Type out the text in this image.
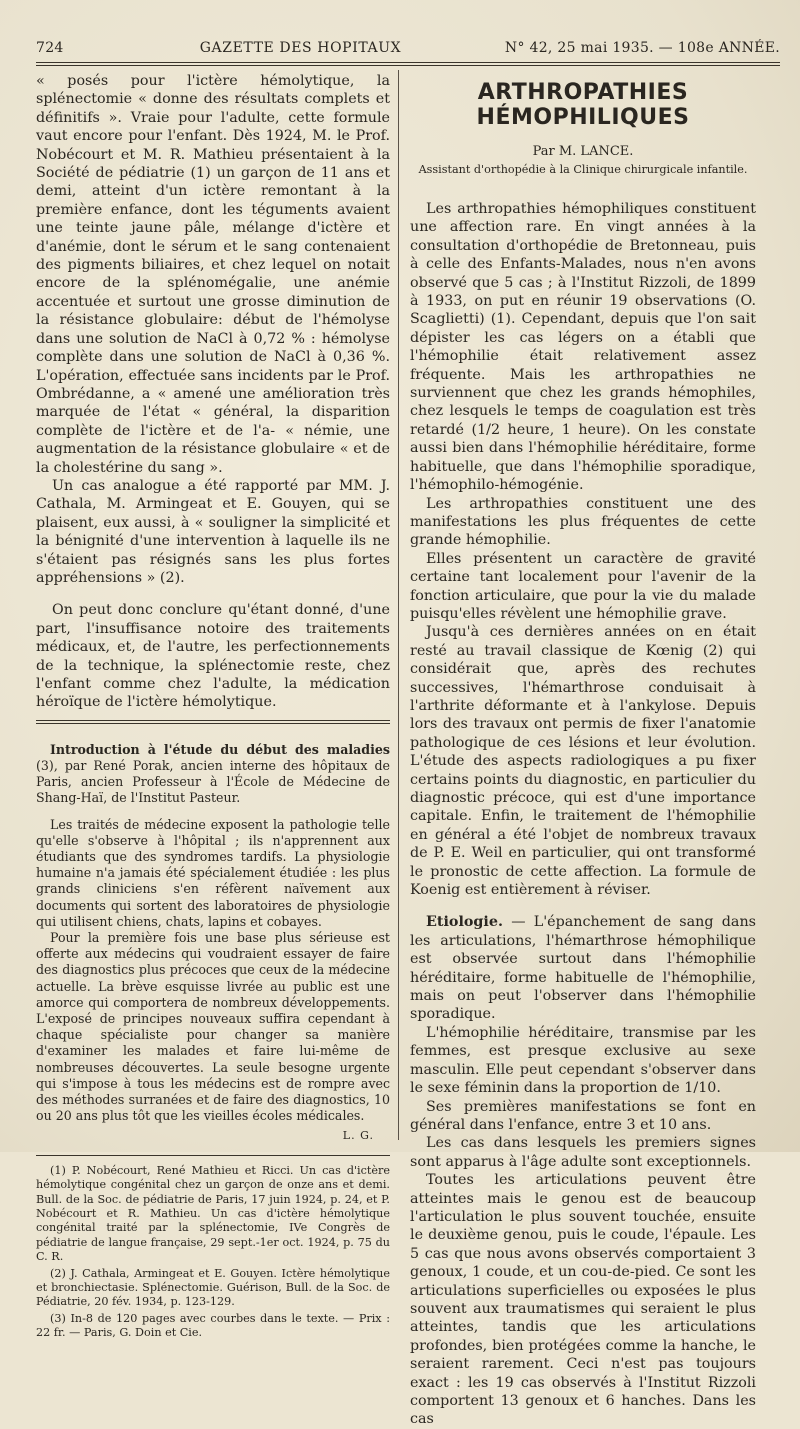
724	GAZETTE DES HOPITAUX	N° 42, 25 mai 1935. — 108e ANNÉE.

« posés pour l'ictère hémolytique, la splénectomie « donne des résultats complets et définitifs ». Vraie pour l'adulte, cette formule vaut encore pour l'enfant. Dès 1924, M. le Prof. Nobécourt et M. R. Mathieu présentaient à la Société de pédiatrie (1) un garçon de 11 ans et demi, atteint d'un ictère remontant à la première enfance, dont les téguments avaient une teinte jaune pâle, mélange d'ictère et d'anémie, dont le sérum et le sang contenaient des pigments biliaires, et chez lequel on notait encore de la splénomégalie, une anémie accentuée et surtout une grosse diminution de la résistance globulaire: début de l'hémolyse dans une solution de NaCl à 0,72 % : hémolyse complète dans une solution de NaCl à 0,36 %. L'opération, effectuée sans incidents par le Prof. Ombrédanne, a « amené une amélioration très marquée de l'état « général, la disparition complète de l'ictère et de l'a- « némie, une augmentation de la résistance globulaire « et de la cholestérine du sang ».

Un cas analogue a été rapporté par MM. J. Cathala, M. Armingeat et E. Gouyen, qui se plaisent, eux aussi, à « souligner la simplicité et la bénignité d'une intervention à laquelle ils ne s'étaient pas résignés sans les plus fortes appréhensions » (2).

On peut donc conclure qu'étant donné, d'une part, l'insuffisance notoire des traitements médicaux, et, de l'autre, les perfectionnements de la technique, la splénectomie reste, chez l'enfant comme chez l'adulte, la médication héroïque de l'ictère hémolytique.

Introduction à l'étude du début des maladies (3), par René Porak, ancien interne des hôpitaux de Paris, ancien Professeur à l'École de Médecine de Shang-Haï, de l'Institut Pasteur.

Les traités de médecine exposent la pathologie telle qu'elle s'observe à l'hôpital ; ils n'apprennent aux étudiants que des syndromes tardifs. La physiologie humaine n'a jamais été spécialement étudiée : les plus grands cliniciens s'en réfèrent naïvement aux documents qui sortent des laboratoires de physiologie qui utilisent chiens, chats, lapins et cobayes.

Pour la première fois une base plus sérieuse est offerte aux médecins qui voudraient essayer de faire des diagnostics plus précoces que ceux de la médecine actuelle. La brève esquisse livrée au public est une amorce qui comportera de nombreux développements. L'exposé de principes nouveaux suffira cependant à chaque spécialiste pour changer sa manière d'examiner les malades et faire lui-même de nombreuses découvertes. La seule besogne urgente qui s'impose à tous les médecins est de rompre avec des méthodes surranées et de faire des diagnostics, 10 ou 20 ans plus tôt que les vieilles écoles médicales.

L. G.

(1) P. Nobécourt, René Mathieu et Ricci. Un cas d'ictère hémolytique congénital chez un garçon de onze ans et demi. Bull. de la Soc. de pédiatrie de Paris, 17 juin 1924, p. 24, et P. Nobécourt et R. Mathieu. Un cas d'ictère hémolytique congénital traité par la splénectomie, IVe Congrès de pédiatrie de langue française, 29 sept.-1er oct. 1924, p. 75 du C. R.

(2) J. Cathala, Armingeat et E. Gouyen. Ictère hémolytique et bronchiectasie. Splénectomie. Guérison, Bull. de la Soc. de Pédiatrie, 20 fév. 1934, p. 123-129.

(3) In-8 de 120 pages avec courbes dans le texte. — Prix : 22 fr. — Paris, G. Doin et Cie.

ARTHROPATHIES HÉMOPHILIQUES
Par M. LANCE.
Assistant d'orthopédie à la Clinique chirurgicale infantile.

Les arthropathies hémophiliques constituent une affection rare. En vingt années à la consultation d'orthopédie de Bretonneau, puis à celle des Enfants-Malades, nous n'en avons observé que 5 cas ; à l'Institut Rizzoli, de 1899 à 1933, on put en réunir 19 observations (O. Scaglietti) (1). Cependant, depuis que l'on sait dépister les cas légers on a établi que l'hémophilie était relativement assez fréquente. Mais les arthropathies ne surviennent que chez les grands hémophiles, chez lesquels le temps de coagulation est très retardé (1/2 heure, 1 heure). On les constate aussi bien dans l'hémophilie héréditaire, forme habituelle, que dans l'hémophilie sporadique, l'hémophilo-hémogénie.

Les arthropathies constituent une des manifestations les plus fréquentes de cette grande hémophilie.

Elles présentent un caractère de gravité certaine tant localement pour l'avenir de la fonction articulaire, que pour la vie du malade puisqu'elles révèlent une hémophilie grave.

Jusqu'à ces dernières années on en était resté au travail classique de Kœnig (2) qui considérait que, après des rechutes successives, l'hémarthrose conduisait à l'arthrite déformante et à l'ankylose. Depuis lors des travaux ont permis de fixer l'anatomie pathologique de ces lésions et leur évolution. L'étude des aspects radiologiques a pu fixer certains points du diagnostic, en particulier du diagnostic précoce, qui est d'une importance capitale. Enfin, le traitement de l'hémophilie en général a été l'objet de nombreux travaux de P. E. Weil en particulier, qui ont transformé le pronostic de cette affection. La formule de Koenig est entièrement à réviser.

Etiologie. — L'épanchement de sang dans les articulations, l'hémarthrose hémophilique est observée surtout dans l'hémophilie héréditaire, forme habituelle de l'hémophilie, mais on peut l'observer dans l'hémophilie sporadique.

L'hémophilie héréditaire, transmise par les femmes, est presque exclusive au sexe masculin. Elle peut cependant s'observer dans le sexe féminin dans la proportion de 1/10.

Ses premières manifestations se font en général dans l'enfance, entre 3 et 10 ans.

Les cas dans lesquels les premiers signes sont apparus à l'âge adulte sont exceptionnels.

Toutes les articulations peuvent être atteintes mais le genou est de beaucoup l'articulation le plus souvent touchée, ensuite le deuxième genou, puis le coude, l'épaule. Les 5 cas que nous avons observés comportaient 3 genoux, 1 coude, et un cou-de-pied. Ce sont les articulations superficielles ou exposées le plus souvent aux traumatismes qui seraient le plus atteintes, tandis que les articulations profondes, bien protégées comme la hanche, le seraient rarement. Ceci n'est pas toujours exact : les 19 cas observés à l'Institut Rizzoli comportent 13 genoux et 6 hanches. Dans les cas
